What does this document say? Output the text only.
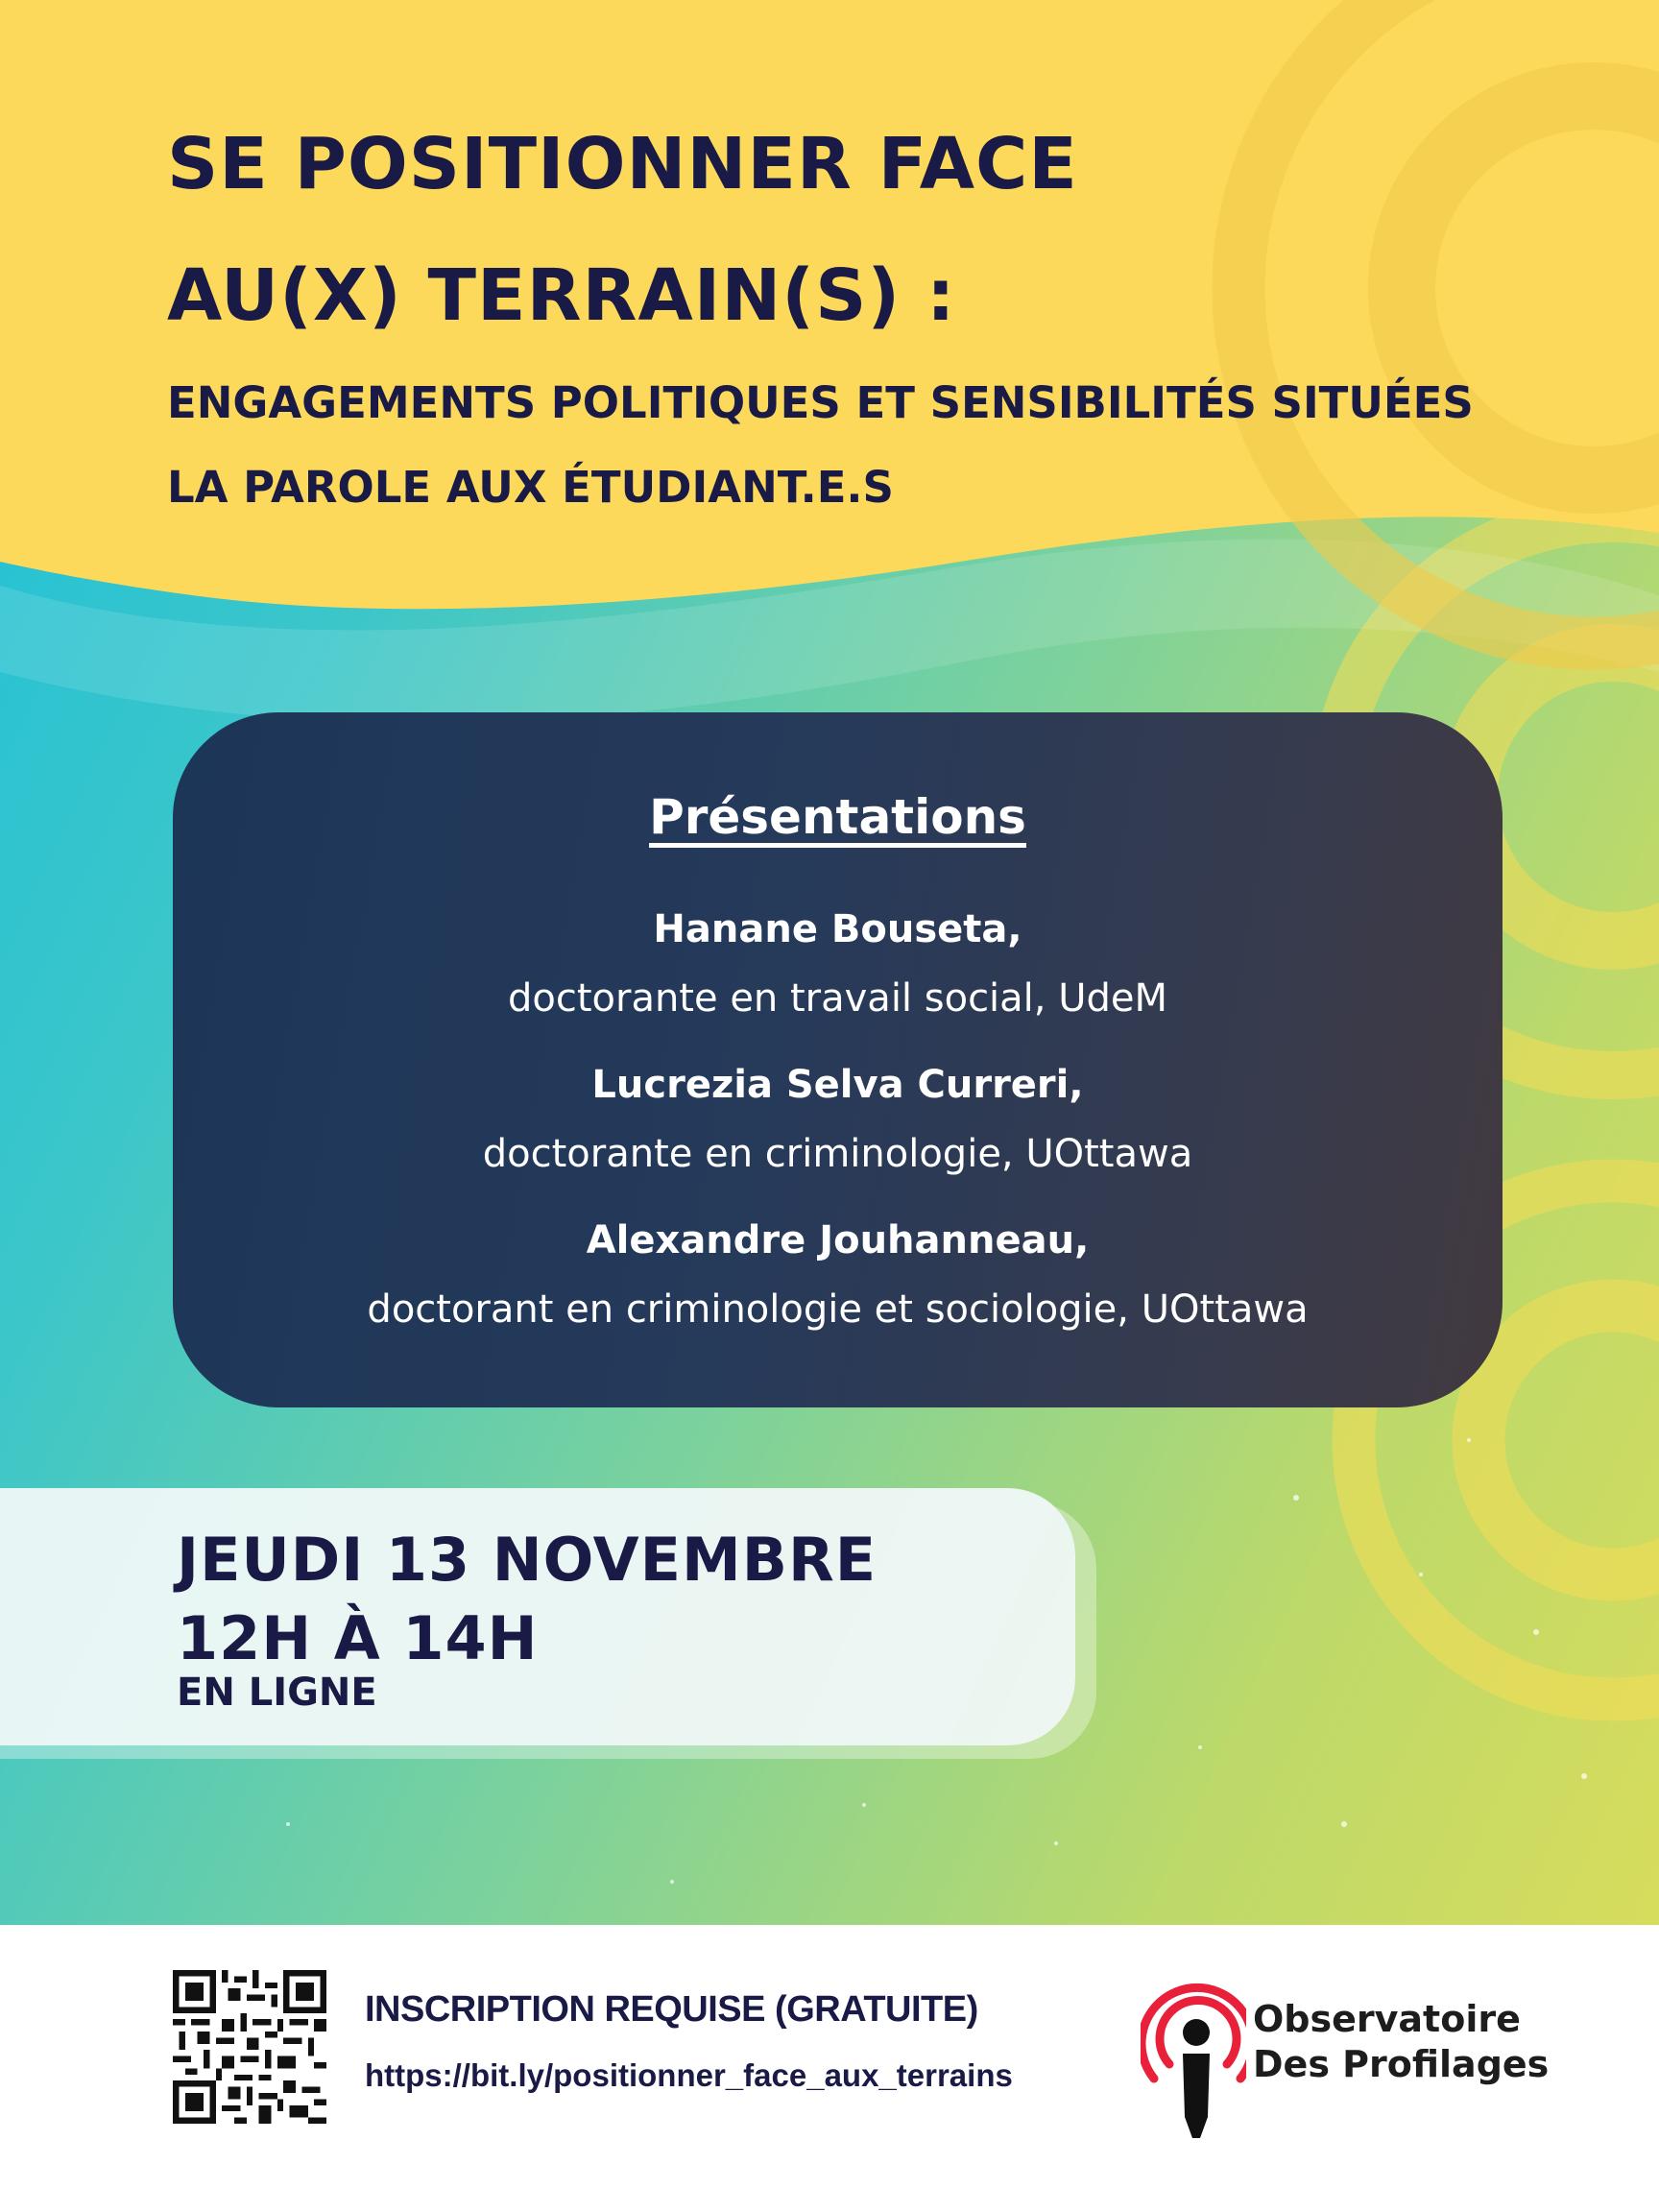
SE POSITIONNER FACE
AU(X) TERRAIN(S) :
ENGAGEMENTS POLITIQUES ET SENSIBILITÉS SITUÉES
LA PAROLE AUX ÉTUDIANT.E.S
Présentations
Hanane Bouseta,
doctorante en travail social, UdeM
Lucrezia Selva Curreri,
doctorante en criminologie, UOttawa
Alexandre Jouhanneau,
doctorant en criminologie et sociologie, UOttawa
JEUDI 13 NOVEMBRE
12H À 14H
EN LIGNE
INSCRIPTION REQUISE (GRATUITE)
https://bit.ly/positionner_face_aux_terrains
Observatoire
Des Profilages
